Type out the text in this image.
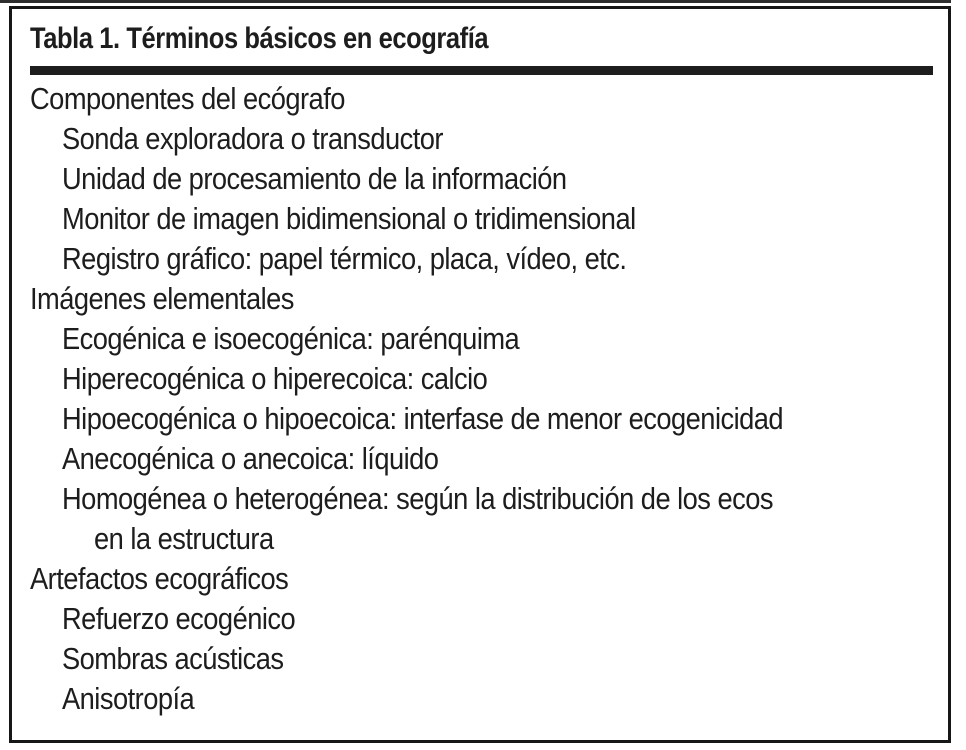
Tabla 1. Términos básicos en ecografía
Componentes del ecógrafo
Sonda exploradora o transductor
Unidad de procesamiento de la información
Monitor de imagen bidimensional o tridimensional
Registro gráfico: papel térmico, placa, vídeo, etc.
Imágenes elementales
Ecogénica e isoecogénica: parénquima
Hiperecogénica o hiperecoica: calcio
Hipoecogénica o hipoecoica: interfase de menor ecogenicidad
Anecogénica o anecoica: líquido
Homogénea o heterogénea: según la distribución de los ecos
en la estructura
Artefactos ecográficos
Refuerzo ecogénico
Sombras acústicas
Anisotropía
